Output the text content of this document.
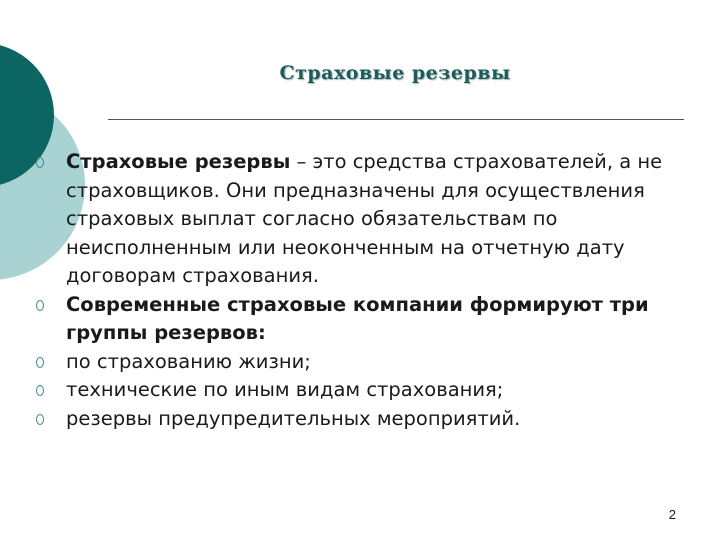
Страховые резервы
Страховые резервы – это средства страхователей, а не страховщиков. Они предназначены для осуществления страховых выплат согласно обязательствам по неисполненным или неоконченным на отчетную дату договорам страхования.
Современные страховые компании формируют три группы резервов:
по страхованию жизни;
технические по иным видам страхования;
резервы предупредительных мероприятий.
2
